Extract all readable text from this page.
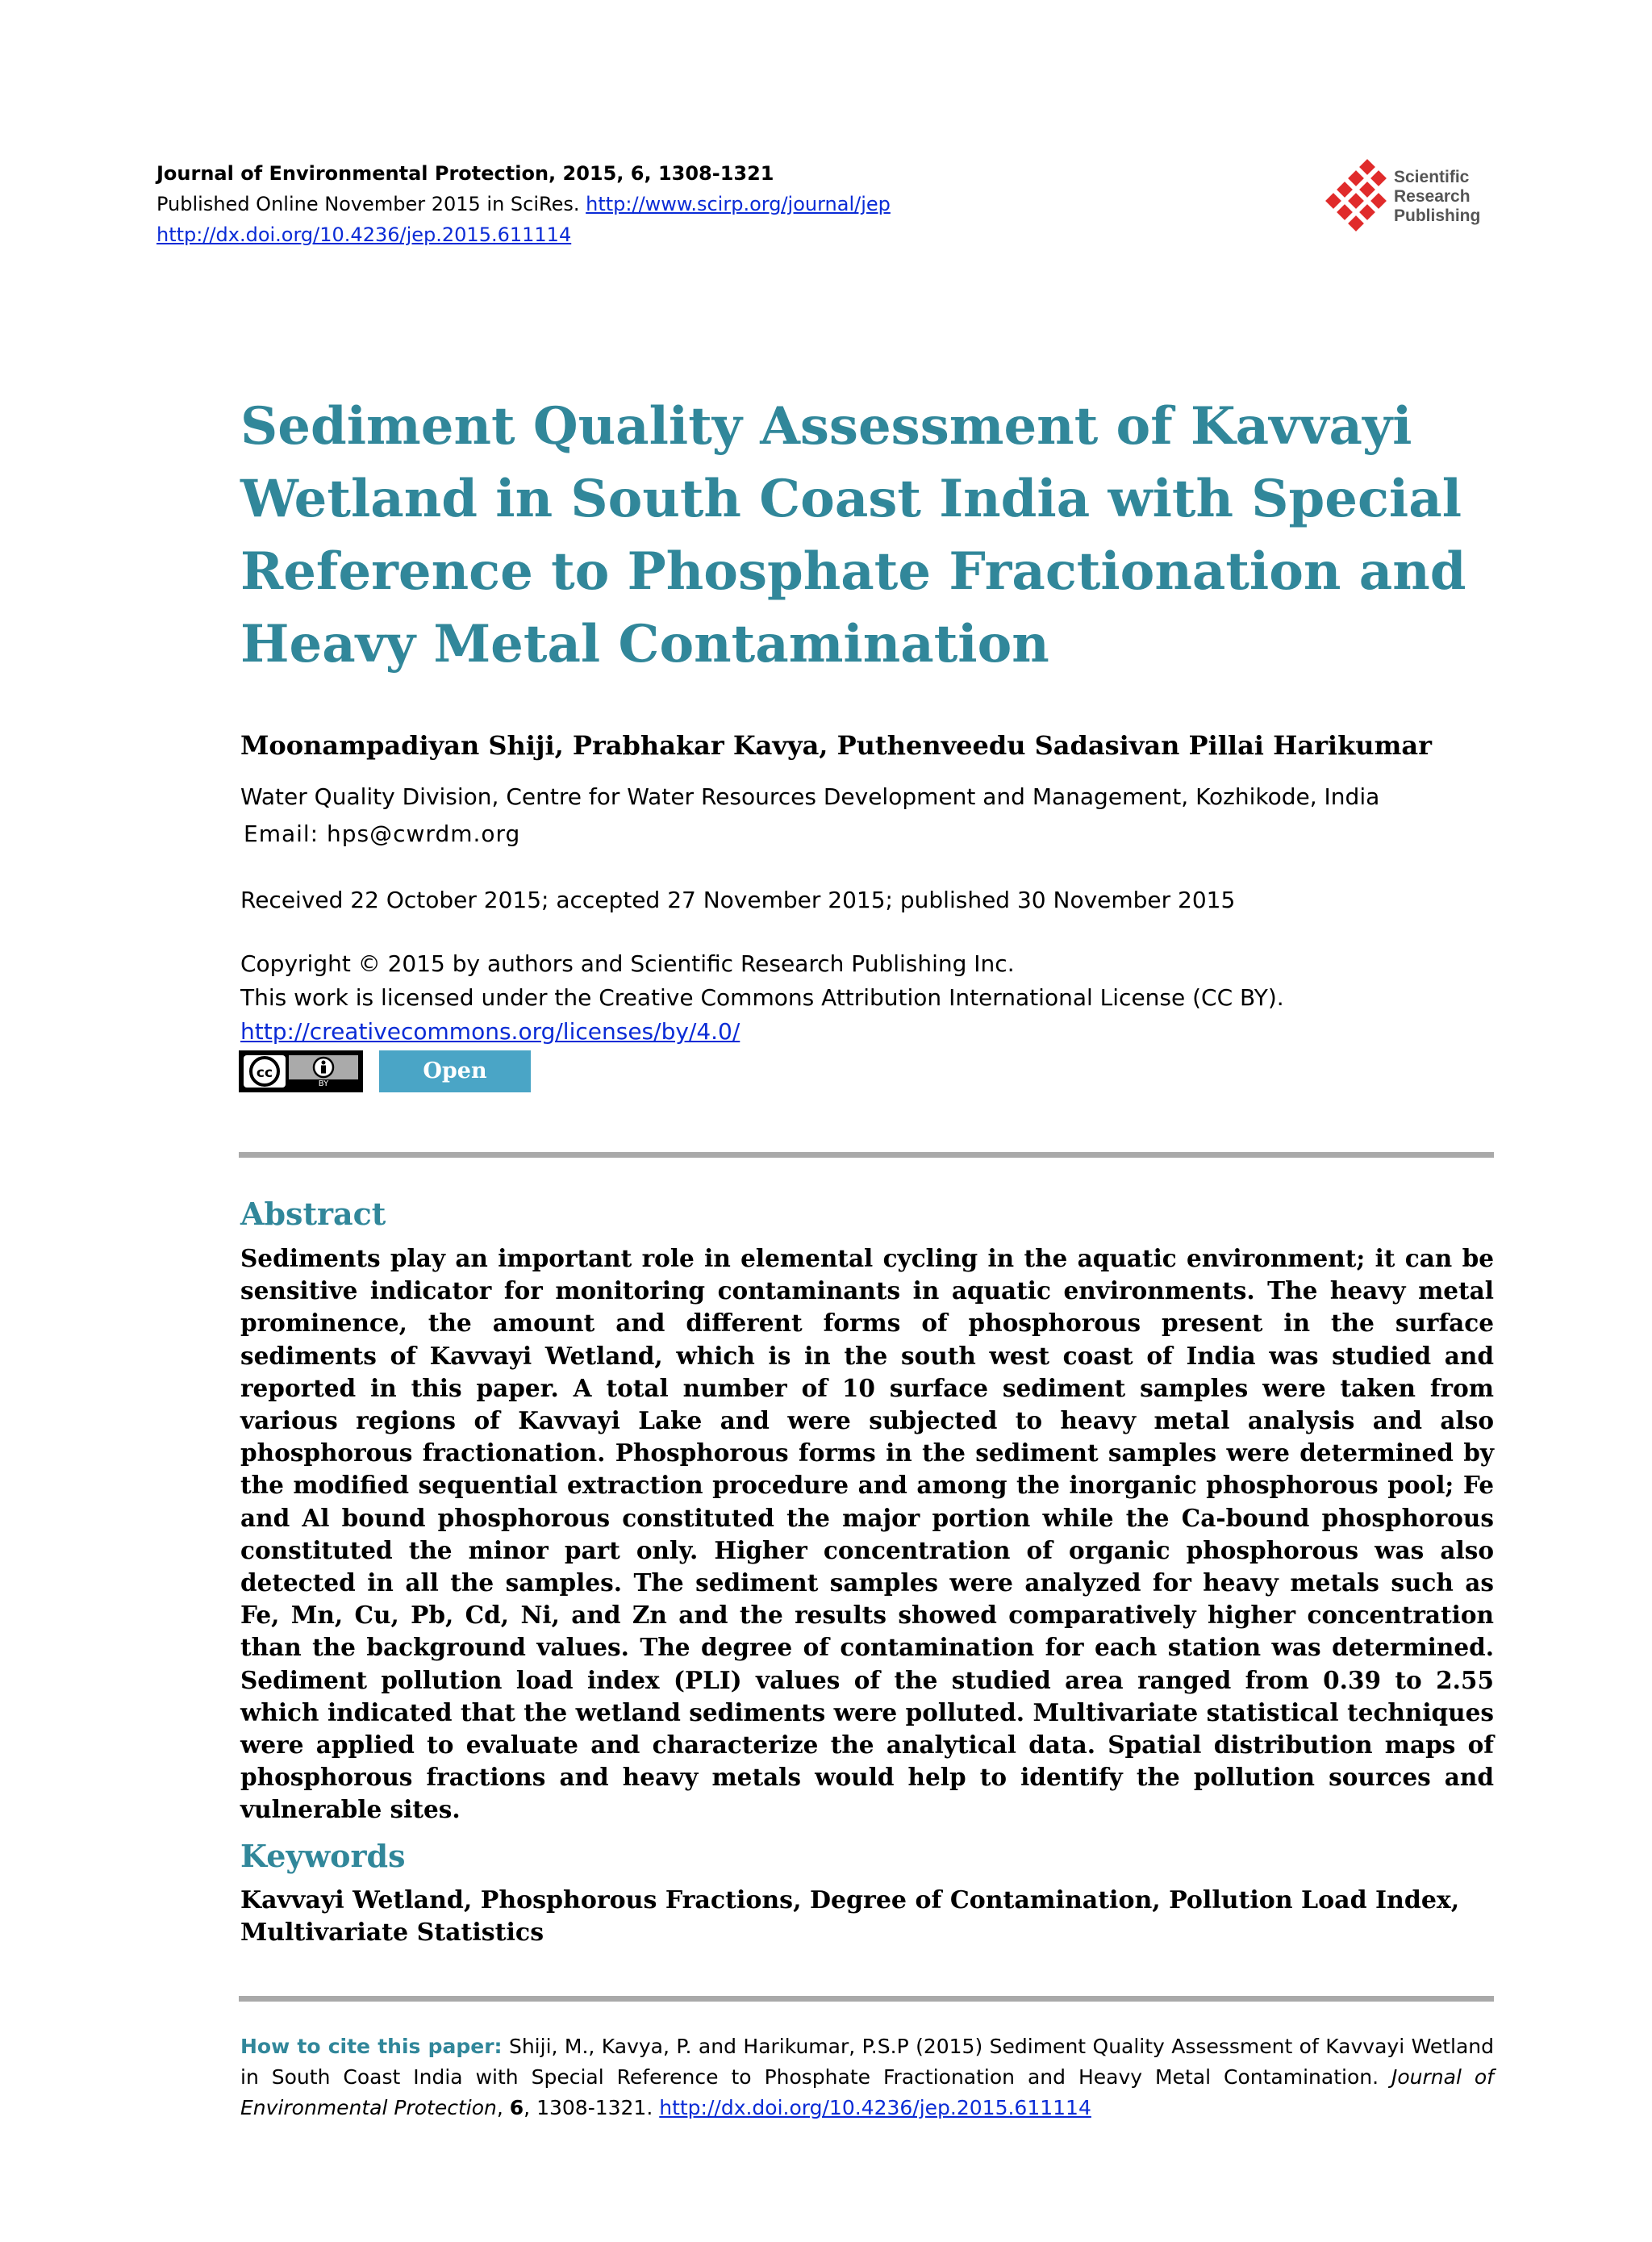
Journal of Environmental Protection, 2015, 6, 1308-1321
Published Online November 2015 in SciRes. http://www.scirp.org/journal/jep
http://dx.doi.org/10.4236/jep.2015.611114
Scientific
Research
Publishing
Sediment Quality Assessment of Kavvayi Wetland in South Coast India with Special Reference to Phosphate Fractionation and Heavy Metal Contamination
Moonampadiyan Shiji, Prabhakar Kavya, Puthenveedu Sadasivan Pillai Harikumar
Water Quality Division, Centre for Water Resources Development and Management, Kozhikode, India
Email: hps@cwrdm.org
Received 22 October 2015; accepted 27 November 2015; published 30 November 2015
Copyright © 2015 by authors and Scientific Research Publishing Inc.
This work is licensed under the Creative Commons Attribution International License (CC BY).
http://creativecommons.org/licenses/by/4.0/
cc
BY
Open Access
Abstract

Sediments play an important role in elemental cycling in the aquatic environment; it can be sensitive indicator for monitoring contaminants in aquatic environments. The heavy metal prominence, the amount and different forms of phosphorous present in the surface sediments of Kavvayi Wetland, which is in the south west coast of India was studied and reported in this paper. A total number of 10 surface sediment samples were taken from various regions of Kavvayi Lake and were subjected to heavy metal analysis and also phosphorous fractionation. Phosphorous forms in the sediment samples were determined by the modified sequential extraction procedure and among the inorganic phosphorous pool; Fe and Al bound phosphorous constituted the major portion while the Ca-bound phosphorous constituted the minor part only. Higher concentration of organic phosphorous was also detected in all the samples. The sediment samples were analyzed for heavy metals such as Fe, Mn, Cu, Pb, Cd, Ni, and Zn and the results showed comparatively higher concentration than the background values. The degree of contamination for each station was determined. Sediment pollution load index (PLI) values of the studied area ranged from 0.39 to 2.55 which indicated that the wetland sediments were polluted. Multivariate statistical techniques were applied to evaluate and characterize the analytical data. Spatial distribution maps of phosphorous fractions and heavy metals would help to identify the pollution sources and vulnerable sites.

Keywords

Kavvayi Wetland, Phosphorous Fractions, Degree of Contamination, Pollution Load Index, Multivariate Statistics

How to cite this paper: Shiji, M., Kavya, P. and Harikumar, P.S.P (2015) Sediment Quality Assessment of Kavvayi Wetland in South Coast India with Special Reference to Phosphate Fractionation and Heavy Metal Contamination. Journal of Environmental Protection, 6, 1308-1321. http://dx.doi.org/10.4236/jep.2015.611114
